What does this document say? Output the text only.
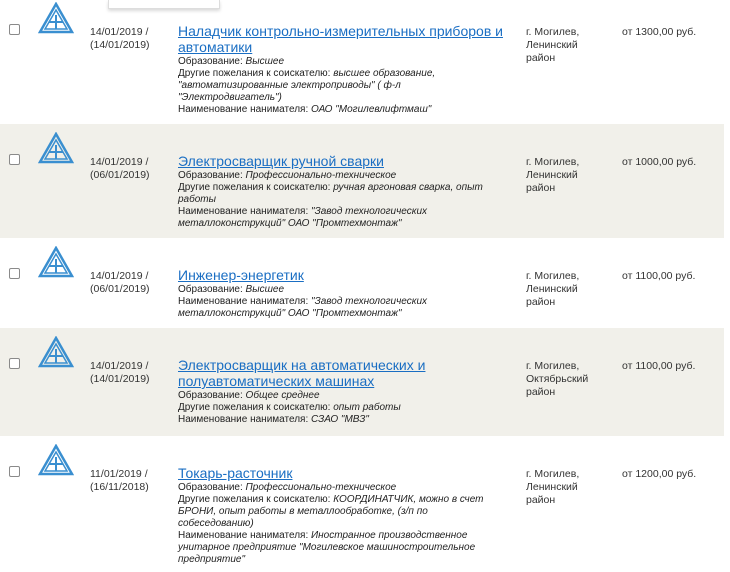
14/01/2019 /
(14/01/2019)
Наладчик контрольно-измерительных приборов и
автоматики
Образование: Высшее
Другие пожелания к соискателю: высшее образование,
"автоматизированные электроприводы" ( ф-л
"Электродвигатель")
Наименование нанимателя: ОАО "Могилевлифтмаш"
г. Могилев,
Ленинский
район
от 1300,00 руб.
14/01/2019 /
(06/01/2019)
Электросварщик ручной сварки
Образование: Профессионально-техническое
Другие пожелания к соискателю: ручная аргоновая сварка, опыт
работы
Наименование нанимателя: "Завод технологических
металлоконструкций" ОАО "Промтехмонтаж"
г. Могилев,
Ленинский
район
от 1000,00 руб.
14/01/2019 /
(06/01/2019)
Инженер-энергетик
Образование: Высшее
Наименование нанимателя: "Завод технологических
металлоконструкций" ОАО "Промтехмонтаж"
г. Могилев,
Ленинский
район
от 1100,00 руб.
14/01/2019 /
(14/01/2019)
Электросварщик на автоматических и
полуавтоматических машинах
Образование: Общее среднее
Другие пожелания к соискателю: опыт работы
Наименование нанимателя: СЗАО "МВЗ"
г. Могилев,
Октябрьский
район
от 1100,00 руб.
11/01/2019 /
(16/11/2018)
Токарь-расточник
Образование: Профессионально-техническое
Другие пожелания к соискателю: КООРДИНАТЧИК, можно в счет
БРОНИ, опыт работы в металлообработке, (з/п по
собеседованию)
Наименование нанимателя: Иностранное производственное
унитарное предприятие "Могилевское машиностроительное
предприятие"
г. Могилев,
Ленинский
район
от 1200,00 руб.
